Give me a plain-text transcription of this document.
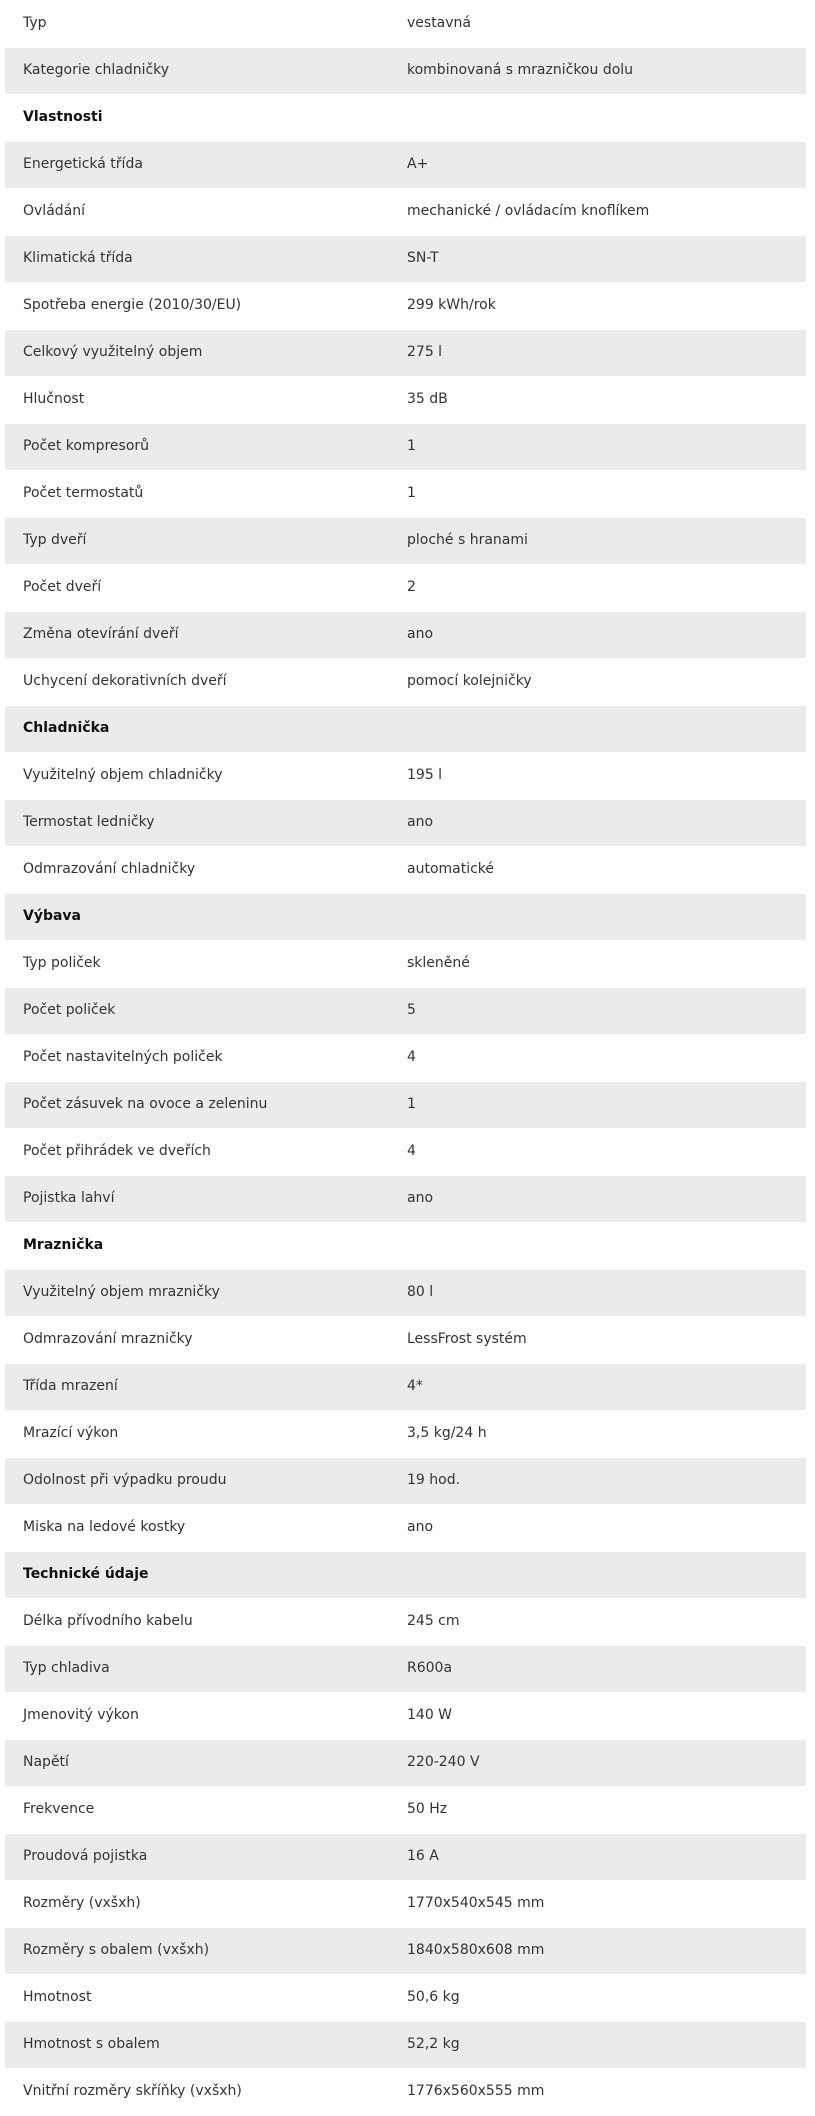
Typ	vestavná
Kategorie chladničky	kombinovaná s mrazničkou dolu
Vlastnosti	
Energetická třída	A+
Ovládání	mechanické / ovládacím knoflíkem
Klimatická třída	SN-T
Spotřeba energie (2010/30/EU)	299 kWh/rok
Celkový využitelný objem	275 l
Hlučnost	35 dB
Počet kompresorů	1
Počet termostatů	1
Typ dveří	ploché s hranami
Počet dveří	2
Změna otevírání dveří	ano
Uchycení dekorativních dveří	pomocí kolejničky
Chladnička	
Využitelný objem chladničky	195 l
Termostat ledničky	ano
Odmrazování chladničky	automatické
Výbava	
Typ poliček	skleněné
Počet poliček	5
Počet nastavitelných poliček	4
Počet zásuvek na ovoce a zeleninu	1
Počet přihrádek ve dveřích	4
Pojistka lahví	ano
Mraznička	
Využitelný objem mrazničky	80 l
Odmrazování mrazničky	LessFrost systém
Třída mrazení	4*
Mrazící výkon	3,5 kg/24 h
Odolnost při výpadku proudu	19 hod.
Miska na ledové kostky	ano
Technické údaje	
Délka přívodního kabelu	245 cm
Typ chladiva	R600a
Jmenovitý výkon	140 W
Napětí	220-240 V
Frekvence	50 Hz
Proudová pojistka	16 A
Rozměry (vxšxh)	1770x540x545 mm
Rozměry s obalem (vxšxh)	1840x580x608 mm
Hmotnost	50,6 kg
Hmotnost s obalem	52,2 kg
Vnitřní rozměry skříňky (vxšxh)	1776x560x555 mm
